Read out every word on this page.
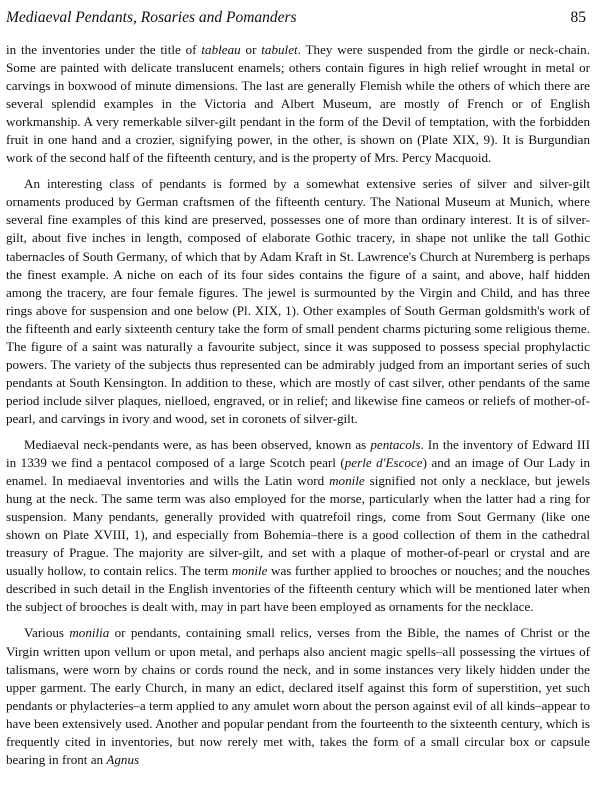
Mediaeval Pendants, Rosaries and Pomanders	85

in the inventories under the title of tableau or tabulet. They were suspended from the girdle or neck-chain. Some are painted with delicate translucent enamels; others contain figures in high relief wrought in metal or carvings in boxwood of minute dimensions. The last are generally Flemish while the others of which there are several splendid examples in the Victoria and Albert Museum, are mostly of French or of English workmanship. A very remerkable silver-gilt pendant in the form of the Devil of temptation, with the forbidden fruit in one hand and a crozier, signifying power, in the other, is shown on (Plate XIX, 9). It is Burgundian work of the second half of the fifteenth century, and is the property of Mrs. Percy Macquoid.

An interesting class of pendants is formed by a somewhat extensive series of silver and silver-gilt ornaments produced by German craftsmen of the fifteenth century. The National Museum at Munich, where several fine examples of this kind are preserved, possesses one of more than ordinary interest. It is of silver-gilt, about five inches in length, composed of elaborate Gothic tracery, in shape not unlike the tall Gothic tabernacles of South Germany, of which that by Adam Kraft in St. Lawrence's Church at Nuremberg is perhaps the finest example. A niche on each of its four sides contains the figure of a saint, and above, half hidden among the tracery, are four female figures. The jewel is surmounted by the Virgin and Child, and has three rings above for suspension and one below (Pl. XIX, 1). Other examples of South German goldsmith's work of the fifteenth and early sixteenth century take the form of small pendent charms picturing some religious theme. The figure of a saint was naturally a favourite subject, since it was supposed to possess special prophylactic powers. The variety of the subjects thus represented can be admirably judged from an important series of such pendants at South Kensington. In addition to these, which are mostly of cast silver, other pendants of the same period include silver plaques, nielloed, engraved, or in relief; and likewise fine cameos or reliefs of mother-of-pearl, and carvings in ivory and wood, set in coronets of silver-gilt.

Mediaeval neck-pendants were, as has been observed, known as pentacols. In the inventory of Edward III in 1339 we find a pentacol composed of a large Scotch pearl (perle d'Escoce) and an image of Our Lady in enamel. In mediaeval inventories and wills the Latin word monile signified not only a necklace, but jewels hung at the neck. The same term was also employed for the morse, particularly when the latter had a ring for suspension. Many pendants, generally provided with quatrefoil rings, come from Sout Germany (like one shown on Plate XVIII, 1), and especially from Bohemia–there is a good collection of them in the cathedral treasury of Prague. The majority are silver-gilt, and set with a plaque of mother-of-pearl or crystal and are usually hollow, to contain relics. The term monile was further applied to brooches or nouches; and the nouches described in such detail in the English inventories of the fifteenth century which will be mentioned later when the subject of brooches is dealt with, may in part have been employed as ornaments for the necklace.

Various monilia or pendants, containing small relics, verses from the Bible, the names of Christ or the Virgin written upon vellum or upon metal, and perhaps also ancient magic spells–all possessing the virtues of talismans, were worn by chains or cords round the neck, and in some instances very likely hidden under the upper garment. The early Church, in many an edict, declared itself against this form of superstition, yet such pendants or phylacteries–a term applied to any amulet worn about the person against evil of all kinds–appear to have been extensively used. Another and popular pendant from the fourteenth to the sixteenth century, which is frequently cited in inventories, but now rerely met with, takes the form of a small circular box or capsule bearing in front an Agnus
